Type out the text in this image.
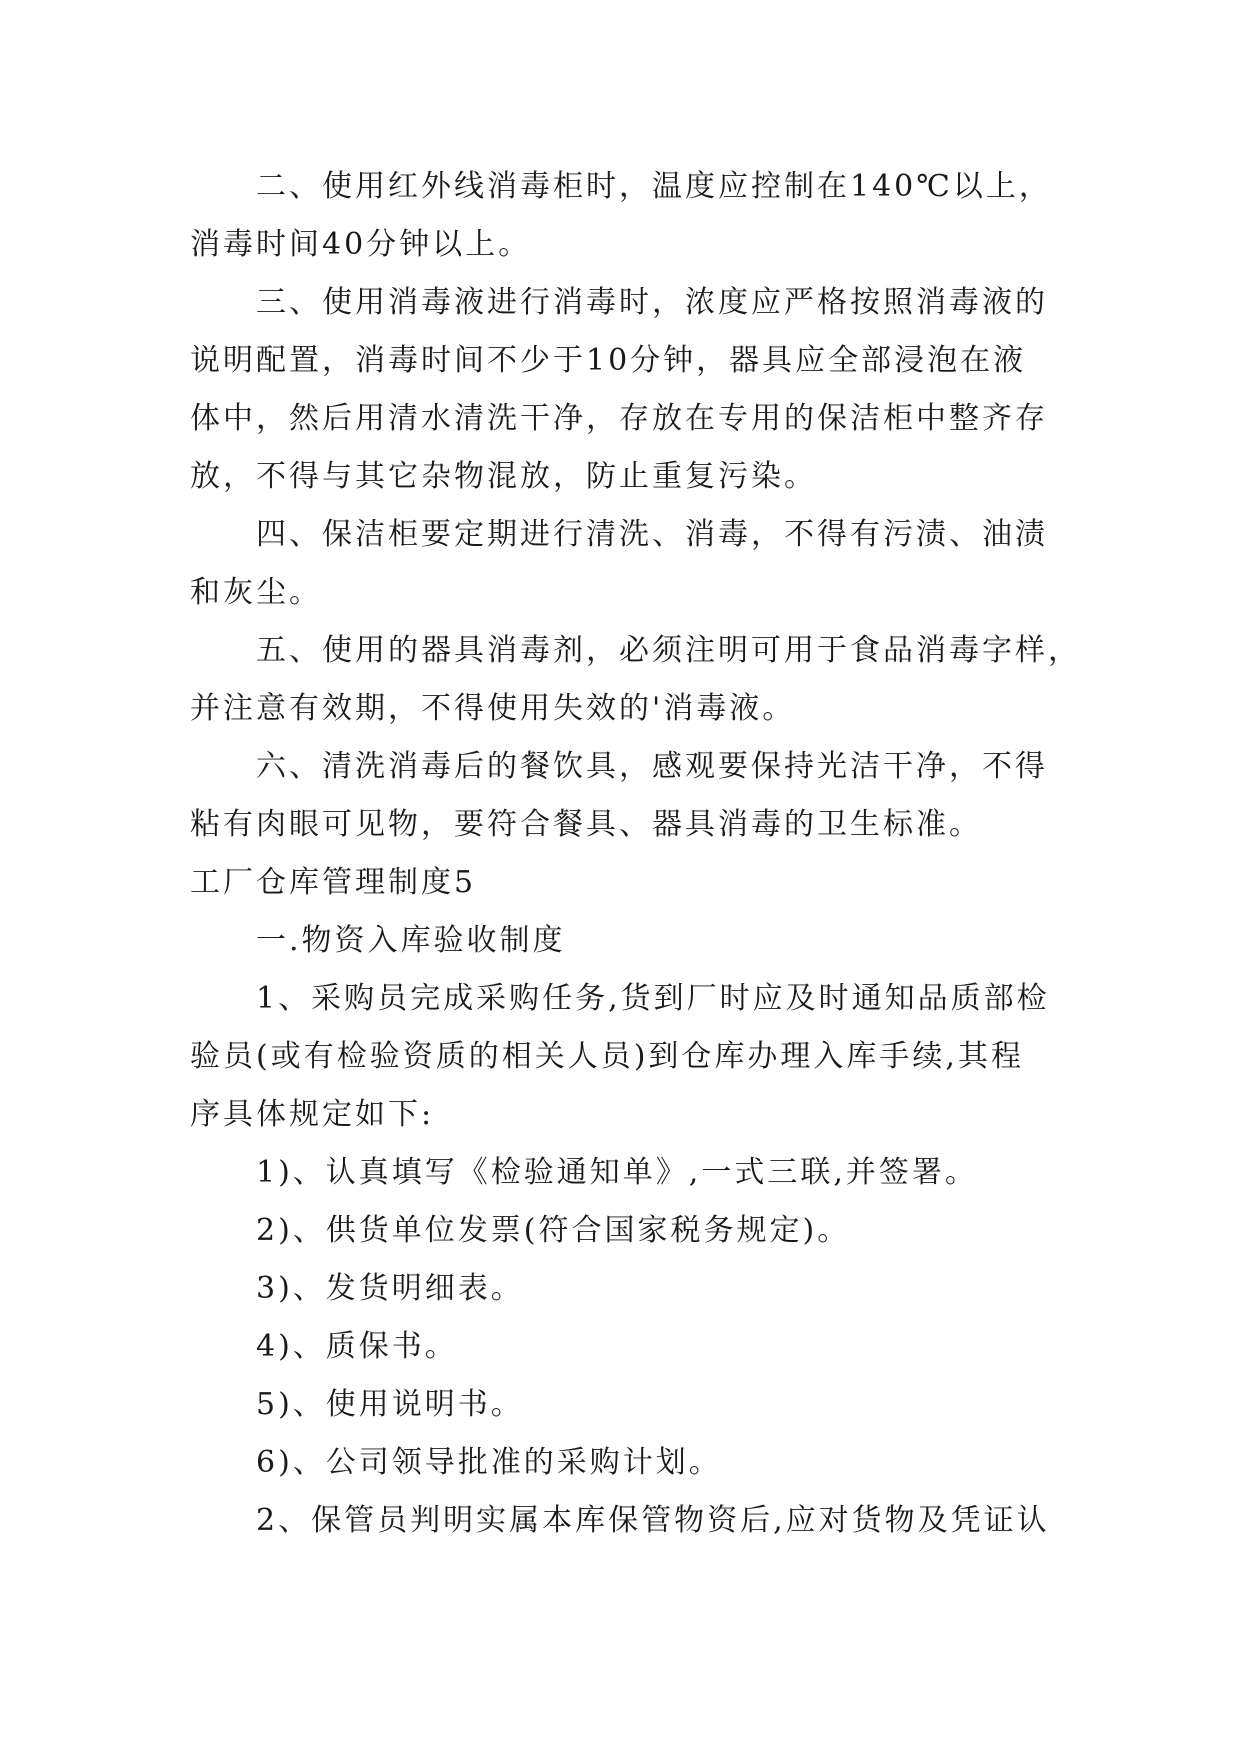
二、使用红外线消毒柜时，温度应控制在140℃以上，
消毒时间40分钟以上。
三、使用消毒液进行消毒时，浓度应严格按照消毒液的
说明配置，消毒时间不少于10分钟，器具应全部浸泡在液
体中，然后用清水清洗干净，存放在专用的保洁柜中整齐存
放，不得与其它杂物混放，防止重复污染。
四、保洁柜要定期进行清洗、消毒，不得有污渍、油渍
和灰尘。
五、使用的器具消毒剂，必须注明可用于食品消毒字样，
并注意有效期，不得使用失效的'消毒液。
六、清洗消毒后的餐饮具，感观要保持光洁干净，不得
粘有肉眼可见物，要符合餐具、器具消毒的卫生标准。
工厂仓库管理制度5
一.物资入库验收制度
1、采购员完成采购任务,货到厂时应及时通知品质部检
验员(或有检验资质的相关人员)到仓库办理入库手续,其程
序具体规定如下:
1)、认真填写《检验通知单》,一式三联,并签署。
2)、供货单位发票(符合国家税务规定)。
3)、发货明细表。
4)、质保书。
5)、使用说明书。
6)、公司领导批准的采购计划。
2、保管员判明实属本库保管物资后,应对货物及凭证认
